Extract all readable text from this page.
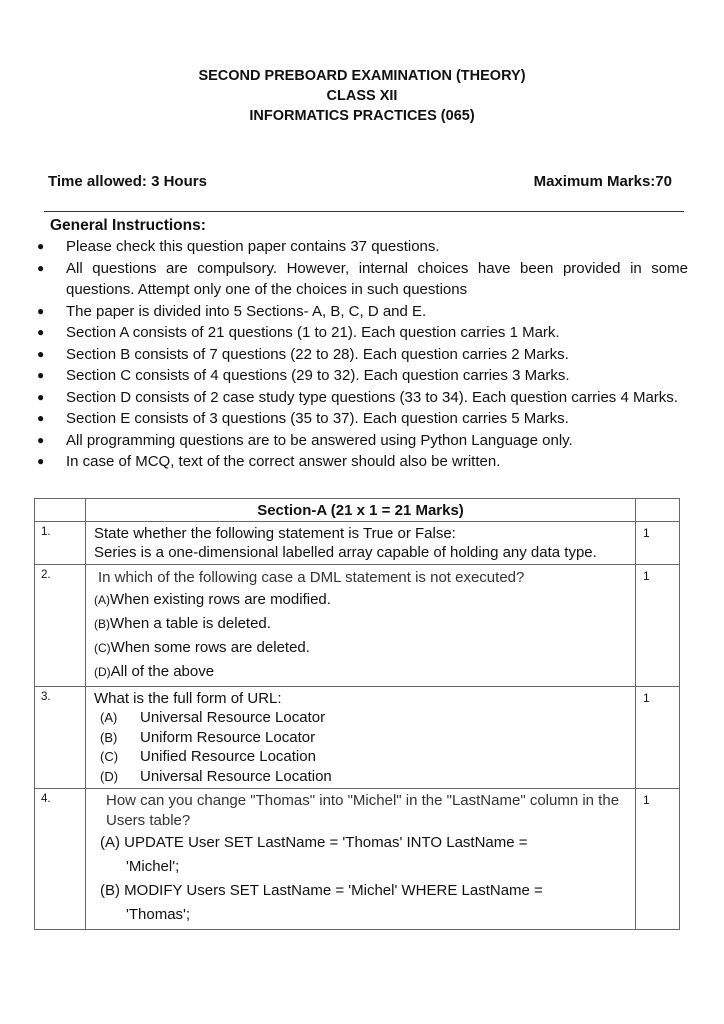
SECOND PREBOARD EXAMINATION (THEORY)
CLASS XII
INFORMATICS PRACTICES (065)
Time allowed: 3 Hours	Maximum Marks:70
General Instructions:
● Please check this question paper contains 37 questions.
● All questions are compulsory. However, internal choices have been provided in some questions. Attempt only one of the choices in such questions
● The paper is divided into 5 Sections- A, B, C, D and E.
● Section A consists of 21 questions (1 to 21). Each question carries 1 Mark.
● Section B consists of 7 questions (22 to 28). Each question carries 2 Marks.
● Section C consists of 4 questions (29 to 32). Each question carries 3 Marks.
● Section D consists of 2 case study type questions (33 to 34). Each question carries 4 Marks.
● Section E consists of 3 questions (35 to 37). Each question carries 5 Marks.
● All programming questions are to be answered using Python Language only.
● In case of MCQ, text of the correct answer should also be written.
	Section-A (21 x 1 = 21 Marks)	
1.	State whether the following statement is True or False:
Series is a one-dimensional labelled array capable of holding any data type.	1
2.	In which of the following case a DML statement is not executed?
(A)When existing rows are modified.
(B)When a table is deleted.
(C)When some rows are deleted.
(D)All of the above	1
3.	What is the full form of URL:
(A) Universal Resource Locator
(B) Uniform Resource Locator
(C) Unified Resource Location
(D) Universal Resource Location	1
4.	How can you change "Thomas" into "Michel" in the "LastName" column in the Users table?
(A) UPDATE User SET LastName = 'Thomas' INTO LastName =
'Michel';
(B) MODIFY Users SET LastName = 'Michel' WHERE LastName =
'Thomas';	1
